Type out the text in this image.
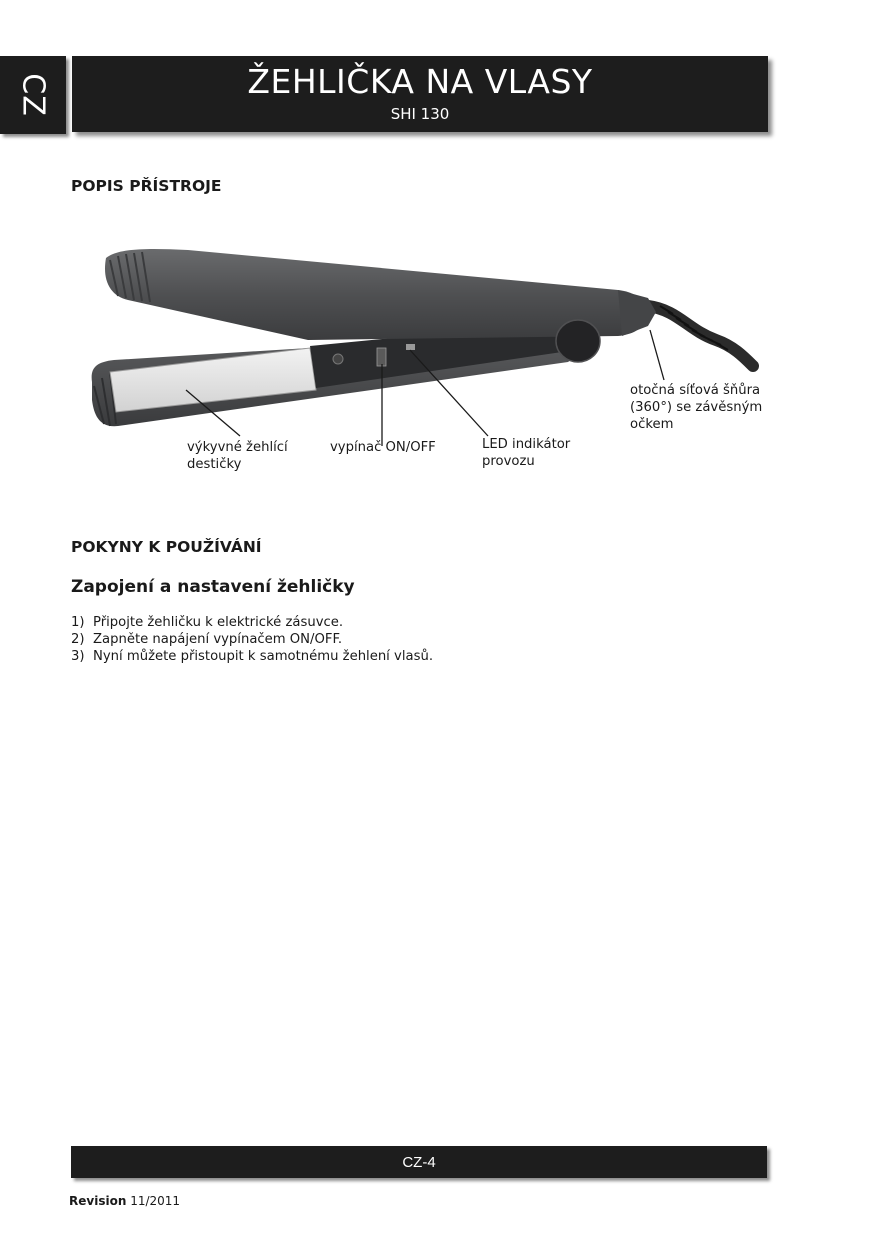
CZ	ŽEHLIČKA NA VLASY
SHI 130
POPIS PŘÍSTROJE
výkyvné žehlící
destičky
vypínač ON/OFF	LED indikátor
provozu
otočná síťová šňůra
(360°) se závěsným
očkem
POKYNY K POUŽÍVÁNÍ
Zapojení a nastavení žehličky
1) Připojte žehličku k elektrické zásuvce.
2) Zapněte napájení vypínačem ON/OFF.
3) Nyní můžete přistoupit k samotnému žehlení vlasů.
CZ-4
Revision 11/2011
